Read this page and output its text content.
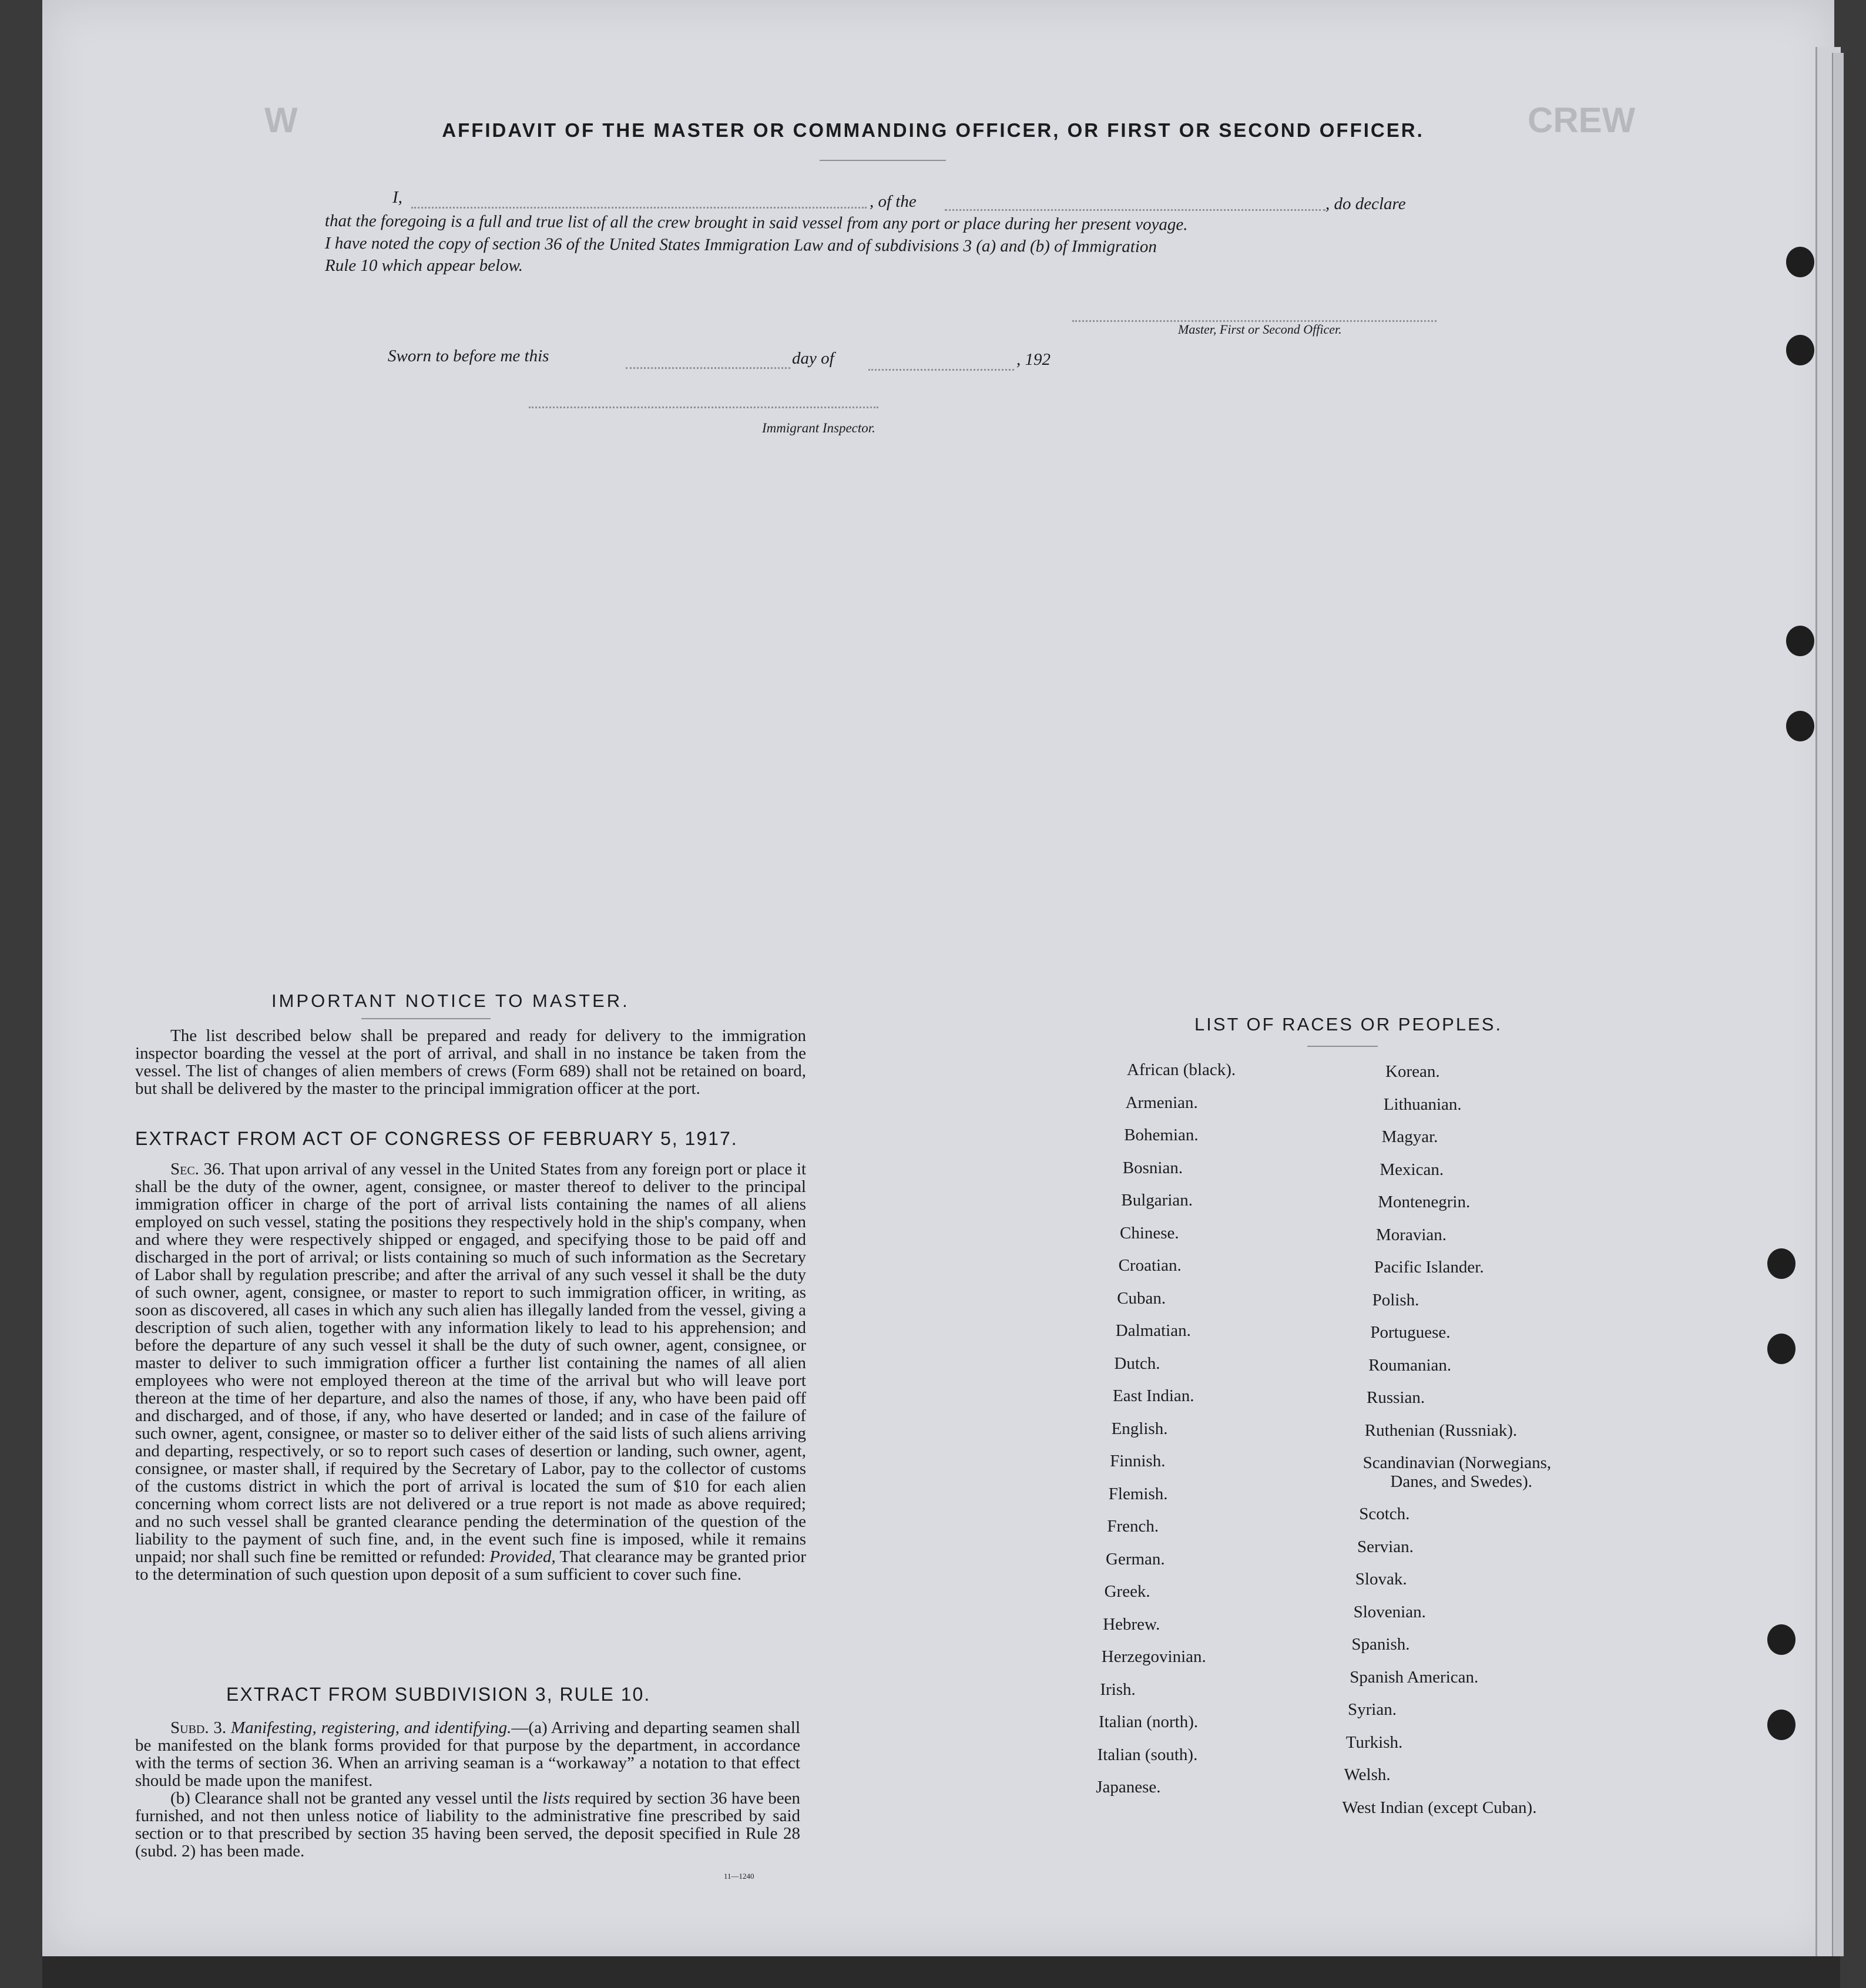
W	CREW
AFFIDAVIT OF THE MASTER OR COMMANDING OFFICER, OR FIRST OR SECOND OFFICER.
I,	, of the	, do declare
that the foregoing is a full and true list of all the crew brought in said vessel from any port or place during her present voyage.
I have noted the copy of section 36 of the United States Immigration Law and of subdivisions 3 (a) and (b) of Immigration
Rule 10 which appear below.
Master, First or Second Officer.
Sworn to before me this	day of	, 192
Immigrant Inspector.
IMPORTANT NOTICE TO MASTER.

The list described below shall be prepared and ready for delivery to the immigration inspector boarding the vessel at the port of arrival, and shall in no instance be taken from the vessel. The list of changes of alien members of crews (Form 689) shall not be retained on board, but shall be delivered by the master to the principal immigration officer at the port.

EXTRACT FROM ACT OF CONGRESS OF FEBRUARY 5, 1917.

Sec. 36. That upon arrival of any vessel in the United States from any foreign port or place it shall be the duty of the owner, agent, consignee, or master thereof to deliver to the principal immigration officer in charge of the port of arrival lists containing the names of all aliens employed on such vessel, stating the positions they respectively hold in the ship's company, when and where they were respectively shipped or engaged, and specifying those to be paid off and discharged in the port of arrival; or lists containing so much of such information as the Secretary of Labor shall by regulation prescribe; and after the arrival of any such vessel it shall be the duty of such owner, agent, consignee, or master to report to such immigration officer, in writing, as soon as discovered, all cases in which any such alien has illegally landed from the vessel, giving a description of such alien, together with any information likely to lead to his apprehension; and before the departure of any such vessel it shall be the duty of such owner, agent, consignee, or master to deliver to such immigration officer a further list containing the names of all alien employees who were not employed thereon at the time of the arrival but who will leave port thereon at the time of her departure, and also the names of those, if any, who have been paid off and discharged, and of those, if any, who have deserted or landed; and in case of the failure of such owner, agent, consignee, or master so to deliver either of the said lists of such aliens arriving and departing, respectively, or so to report such cases of desertion or landing, such owner, agent, consignee, or master shall, if required by the Secretary of Labor, pay to the collector of customs of the customs district in which the port of arrival is located the sum of $10 for each alien concerning whom correct lists are not delivered or a true report is not made as above required; and no such vessel shall be granted clearance pending the determination of the question of the liability to the payment of such fine, and, in the event such fine is imposed, while it remains unpaid; nor shall such fine be remitted or refunded: Provided, That clearance may be granted prior to the determination of such question upon deposit of a sum sufficient to cover such fine.

EXTRACT FROM SUBDIVISION 3, RULE 10.

Subd. 3. Manifesting, registering, and identifying.—(a) Arriving and departing seamen shall be manifested on the blank forms provided for that purpose by the department, in accordance with the terms of section 36. When an arriving seaman is a “workaway” a notation to that effect should be made upon the manifest.

(b) Clearance shall not be granted any vessel until the lists required by section 36 have been furnished, and not then unless notice of liability to the administrative fine prescribed by said section or to that prescribed by section 35 having been served, the deposit specified in Rule 28 (subd. 2) has been made.

11—1240
LIST OF RACES OR PEOPLES.
African (black).
Armenian.
Bohemian.
Bosnian.
Bulgarian.
Chinese.
Croatian.
Cuban.
Dalmatian.
Dutch.
East Indian.
English.
Finnish.
Flemish.
French.
German.
Greek.
Hebrew.
Herzegovinian.
Irish.
Italian (north).
Italian (south).
Japanese.
Korean.
Lithuanian.
Magyar.
Mexican.
Montenegrin.
Moravian.
Pacific Islander.
Polish.
Portuguese.
Roumanian.
Russian.
Ruthenian (Russniak).
Scandinavian (Norwegians,
Danes, and Swedes).
Scotch.
Servian.
Slovak.
Slovenian.
Spanish.
Spanish American.
Syrian.
Turkish.
Welsh.
West Indian (except Cuban).
